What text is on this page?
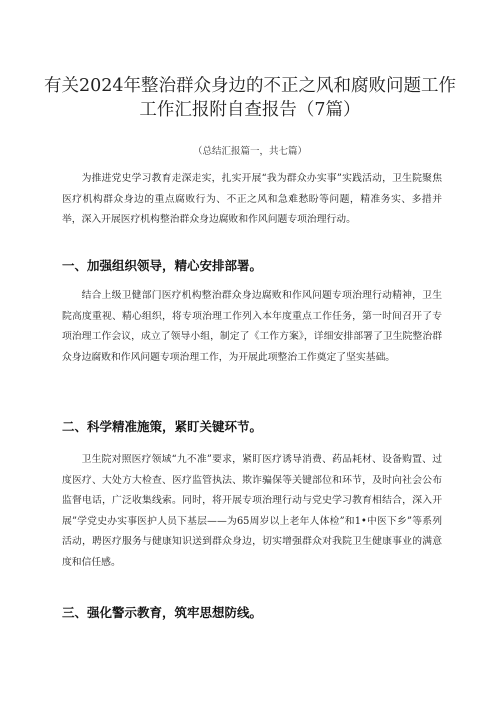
有关2024年整治群众身边的不正之风和腐败问题工作
工作汇报附自查报告（7篇）
（总结汇报篇一，共七篇）

为推进党史学习教育走深走实，扎实开展“我为群众办实事”实践活动，卫生院聚焦医疗机构群众身边的重点腐败行为、不正之风和急难愁盼等问题，精准务实、多措并举，深入开展医疗机构整治群众身边腐败和作风问题专项治理行动。

一、加强组织领导，精心安排部署。

结合上级卫健部门医疗机构整治群众身边腐败和作风问题专项治理行动精神，卫生院高度重视、精心组织，将专项治理工作列入本年度重点工作任务，第一时间召开了专项治理工作会议，成立了领导小组，制定了《工作方案》，详细安排部署了卫生院整治群众身边腐败和作风问题专项治理工作，为开展此项整治工作奠定了坚实基础。

二、科学精准施策，紧盯关键环节。

卫生院对照医疗领域“九不准”要求，紧盯医疗诱导消费、药品耗材、设备购置、过度医疗、大处方大检查、医疗监管执法、欺诈骗保等关键部位和环节，及时向社会公布监督电话，广泛收集线索。同时，将开展专项治理行动与党史学习教育相结合，深入开展”学党史办实事医护人员下基层——为65周岁以上老年人体检”和1•中医下乡”等系列活动，聘医疗服务与健康知识送到群众身边，切实增强群众对我院卫生健康事业的满意度和信任感。

三、强化警示教育，筑牢思想防线。
